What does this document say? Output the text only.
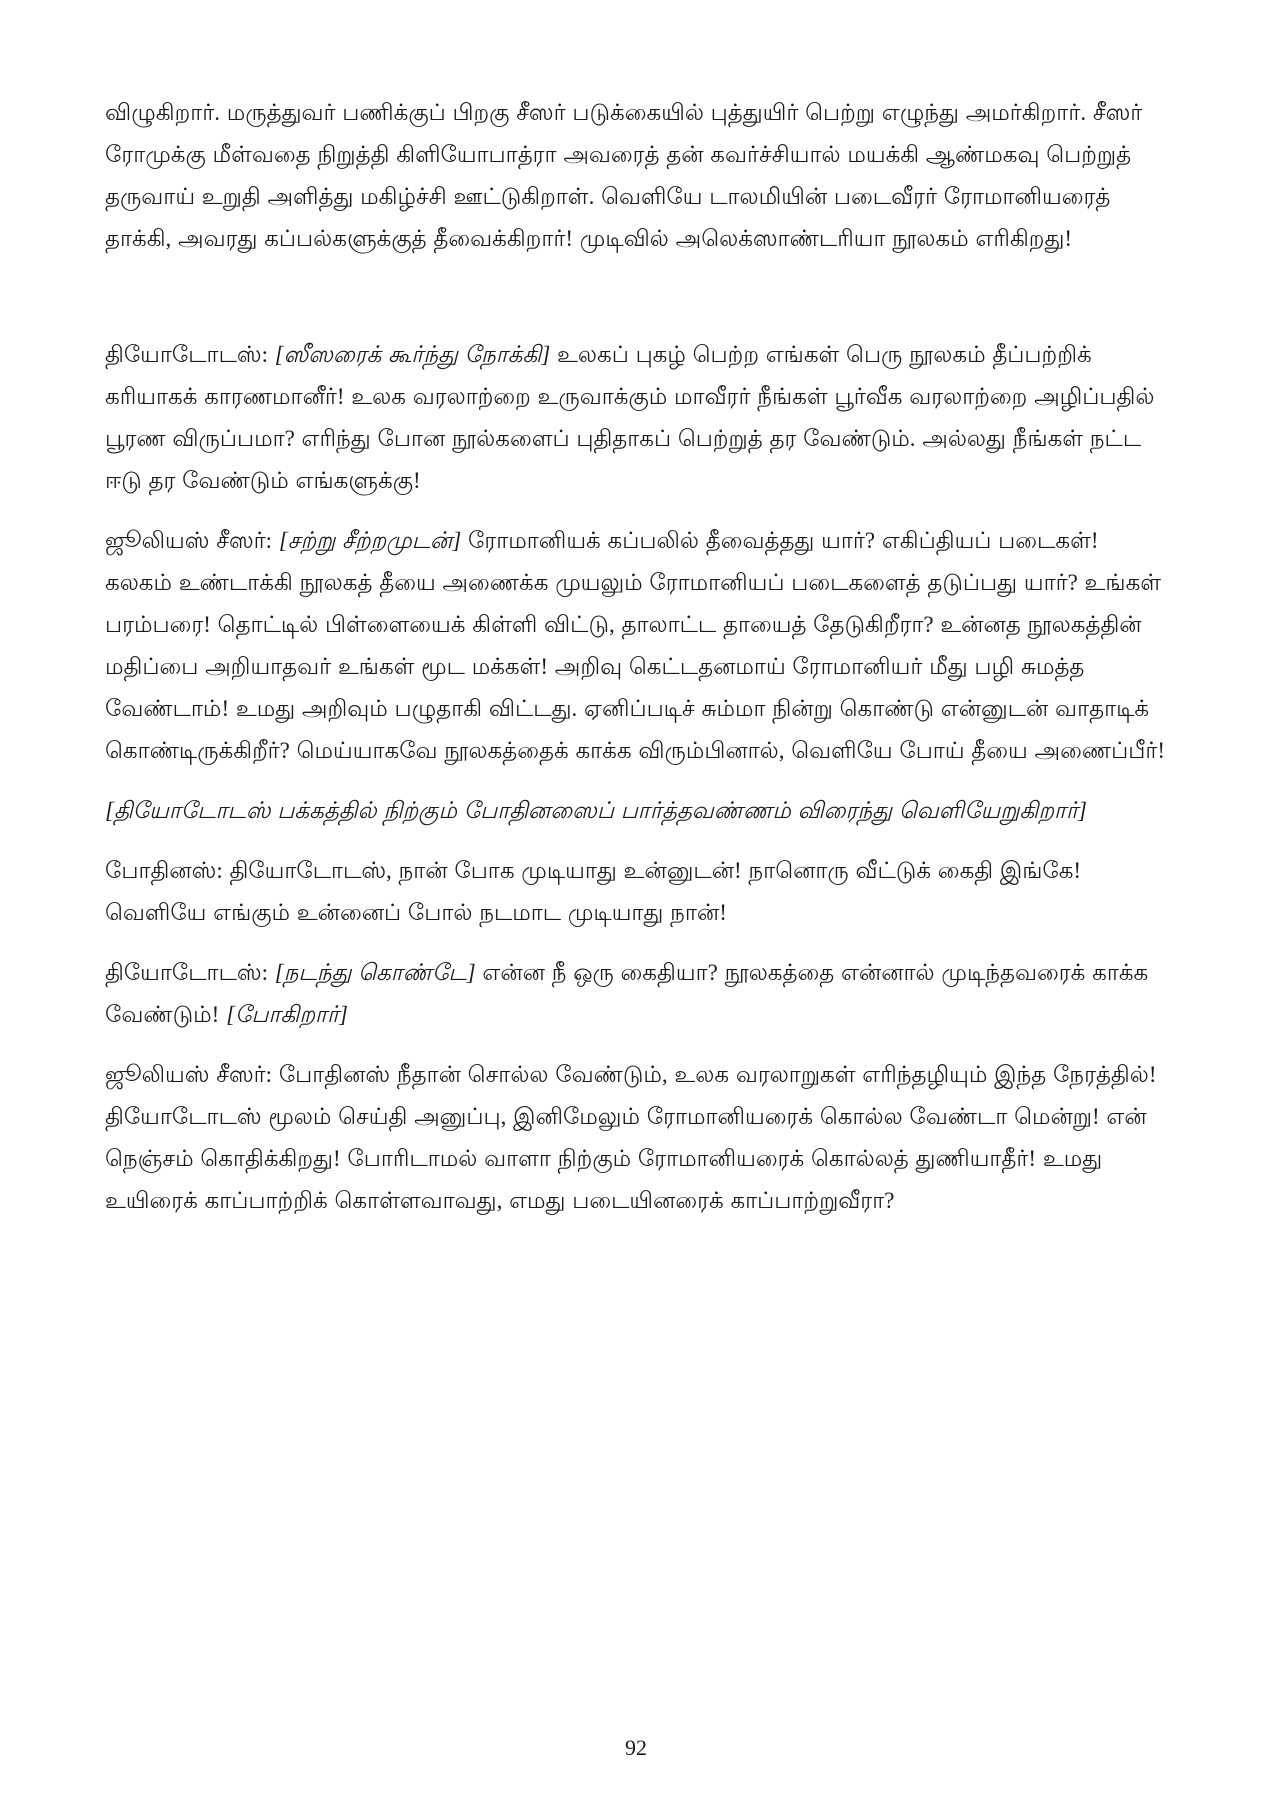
விழுகிறார். மருத்துவர் பணிக்குப் பிறகு சீஸர் படுக்கையில் புத்துயிர் பெற்று எழுந்து அமர்கிறார். சீஸர் ரோமுக்கு மீள்வதை நிறுத்தி கிளியோபாத்ரா அவரைத் தன் கவர்ச்சியால் மயக்கி ஆண்மகவு பெற்றுத் தருவாய் உறுதி அளித்து மகிழ்ச்சி ஊட்டுகிறாள். வெளியே டாலமியின் படைவீரர் ரோமானியரைத் தாக்கி, அவரது கப்பல்களுக்குத் தீவைக்கிறார்! முடிவில் அலெக்ஸாண்டரியா நூலகம் எரிகிறது!

தியோடோடஸ்: [ஸீஸரைக் கூர்ந்து நோக்கி] உலகப் புகழ் பெற்ற எங்கள் பெரு நூலகம் தீப்பற்றிக் கரியாகக் காரணமானீர்! உலக வரலாற்றை உருவாக்கும் மாவீரர் நீங்கள் பூர்வீக வரலாற்றை அழிப்பதில் பூரண விருப்பமா? எரிந்து போன நூல்களைப் புதிதாகப் பெற்றுத் தர வேண்டும். அல்லது நீங்கள் நட்ட ஈடு தர வேண்டும் எங்களுக்கு!

ஜூலியஸ் சீஸர்: [சற்று சீற்றமுடன்] ரோமானியக் கப்பலில் தீவைத்தது யார்? எகிப்தியப் படைகள்! கலகம் உண்டாக்கி நூலகத் தீயை அணைக்க முயலும் ரோமானியப் படைகளைத் தடுப்பது யார்? உங்கள் பரம்பரை! தொட்டில் பிள்ளையைக் கிள்ளி விட்டு, தாலாட்ட தாயைத் தேடுகிறீரா? உன்னத நூலகத்தின் மதிப்பை அறியாதவர் உங்கள் மூட மக்கள்! அறிவு கெட்டதனமாய் ரோமானியர் மீது பழி சுமத்த வேண்டாம்! உமது அறிவும் பழுதாகி விட்டது. ஏனிப்படிச் சும்மா நின்று கொண்டு என்னுடன் வாதாடிக் கொண்டிருக்கிறீர்? மெய்யாகவே நூலகத்தைக் காக்க விரும்பினால், வெளியே போய் தீயை அணைப்பீர்!

[தியோடோடஸ் பக்கத்தில் நிற்கும் போதினஸைப் பார்த்தவண்ணம் விரைந்து வெளியேறுகிறார்]

போதினஸ்: தியோடோடஸ், நான் போக முடியாது உன்னுடன்! நானொரு வீட்டுக் கைதி இங்கே! வெளியே எங்கும் உன்னைப் போல் நடமாட முடியாது நான்!

தியோடோடஸ்: [நடந்து கொண்டே] என்ன நீ ஒரு கைதியா? நூலகத்தை என்னால் முடிந்தவரைக் காக்க வேண்டும்! [போகிறார்]

ஜூலியஸ் சீஸர்: போதினஸ் நீதான் சொல்ல வேண்டும், உலக வரலாறுகள் எரிந்தழியும் இந்த நேரத்தில்! தியோடோடஸ் மூலம் செய்தி அனுப்பு, இனிமேலும் ரோமானியரைக் கொல்ல வேண்டா மென்று! என் நெஞ்சம் கொதிக்கிறது! போரிடாமல் வாளா நிற்கும் ரோமானியரைக் கொல்லத் துணியாதீர்! உமது உயிரைக் காப்பாற்றிக் கொள்ளவாவது, எமது படையினரைக் காப்பாற்றுவீரா?

92
